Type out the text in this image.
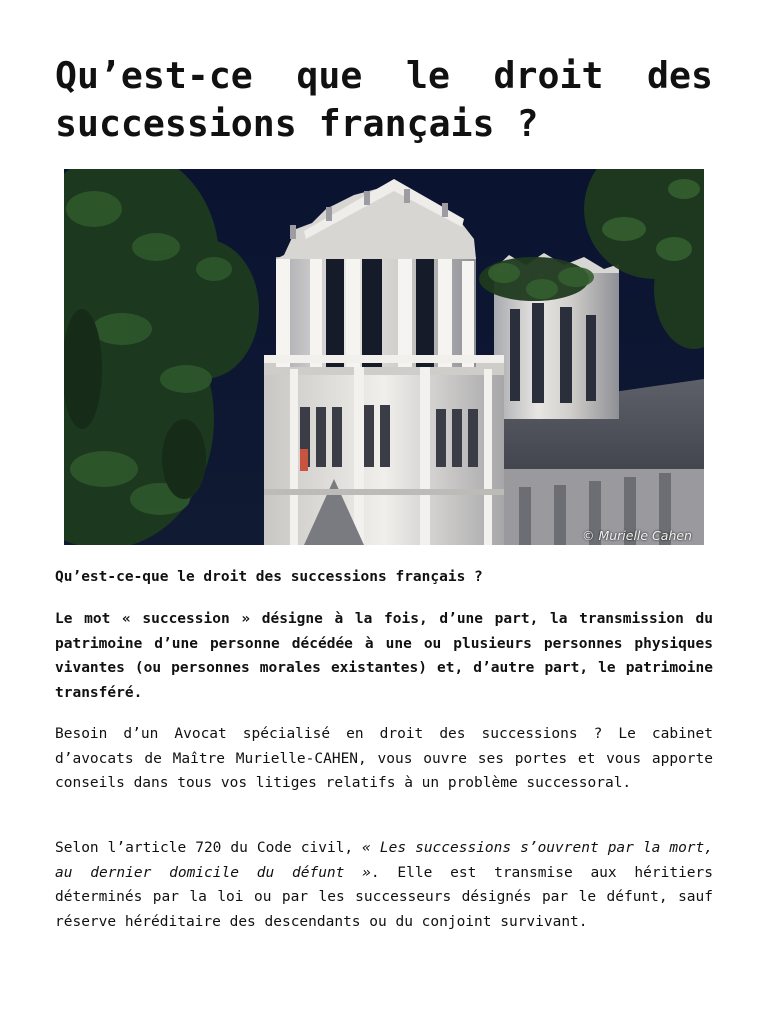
Qu’est-ce que le droit des successions français ?
© Murielle Cahen

Qu’est-ce-que le droit des successions français ?

Le mot « succession » désigne à la fois, d’une part, la transmission du patrimoine d’une personne décédée à une ou plusieurs personnes physiques vivantes (ou personnes morales existantes) et, d’autre part, le patrimoine transféré.

Besoin d’un Avocat spécialisé en droit des successions ? Le cabinet d’avocats de Maître Murielle-CAHEN, vous ouvre ses portes et vous apporte conseils dans tous vos litiges relatifs à un problème successoral.

Selon l’article 720 du Code civil, « Les successions s’ouvrent par la mort, au dernier domicile du défunt ». Elle est transmise aux héritiers déterminés par la loi ou par les successeurs désignés par le défunt, sauf réserve héréditaire des descendants ou du conjoint survivant.
